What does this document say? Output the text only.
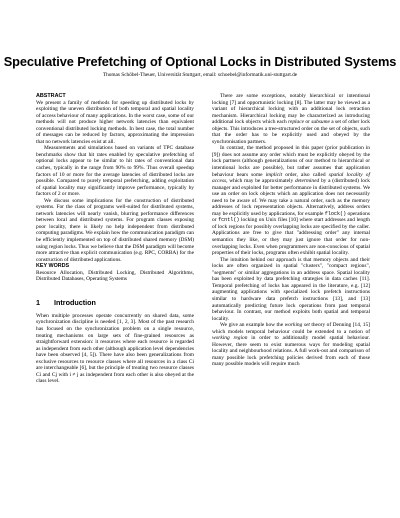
Speculative Prefetching of Optional Locks in Distributed Systems
Thomas Schöbel-Theuer, Universität Stuttgart, email: schoebel@informatik.uni-stuttgart.de
ABSTRACT

We present a family of methods for speeding up distributed locks by exploiting the uneven distribution of both temporal and spatial locality of access behaviour of many applications. In the worst case, some of our methods will not produce higher network latencies than equivalent conventional distributed locking methods. In best case, the total number of messages can be reduced by factors, approximating the impression that no network latencies exist at all.

Measurements and simulations based on variants of TPC database benchmarks show that hit rates enabled by speculative prefetching of optional locks appear to be similar to hit rates of conventional data caches, typically in the range from 90% to 99%. Thus overall speedup factors of 10 or more for the average latencies of distributed locks are possible. Compared to purely temporal prefetching, adding exploitation of spatial locality may significantly improve performance, typically by factors of 2 or more.

We discuss some implications for the construction of distributed systems. For the class of programs well-suited for distributed systems, network latencies will nearly vanish, blurring performance differences between local and distributed systems. For program classes exposing poor locality, there is likely no help independent from distributed computing paradigms. We explain how the communication paradigm can be efficiently implemented on top of distributed shared memory (DSM) using region locks. Thus we believe that the DSM paradigm will become more attractive than explicit communication (e.g. RPC, CORBA) for the construction of distributed applications.

KEY WORDS

Resource Allocation, Distributed Locking, Distributed Algorithms, Distributed Databases, Operating Systems

1 Introduction

When multiple processes operate concurrently on shared data, some synchronization discipline is needed [1, 2, 3]. Most of the past research has focused on the synchronization problem on a single resource, treating mechanisms on large sets of fine-grained resources as straightforward extension: it resources where each resource is regarded as independent from each other (although application level dependencies have been observed [4, 5]). There have also been generalizations from exclusive resources to resource classes where all resources in a class Ci are interchangeable [6], but the principle of treating two resource classes Ci and Cj with i ≠ j as independent from each other is also obeyed at the class level.

There are some exceptions, notably hierarchical or intentional locking [7] and opportunistic locking [8]. The latter may be viewed as a variant of hierarchical locking with an additional lock retraction mechanism. Hierarchical locking may be characterized as introducing additional lock objects which each replace or subsume a set of other lock objects. This introduces a tree-structured order on the set of objects, such that the order has to be explicitly used and obeyed by the synchronisation partners.

In contrast, the method proposed in this paper (prior publication in [9]) does not assume any order which must be explicitly obeyed by the lock partners (although generalizations of our method to hierarchical or intentional locks are possible), but rather assumes that application behaviour bears some implicit order, also called spatial locality of access, which may be approximately determined by a (distributed) lock manager and exploited for better performance in distributed systems. We use an order on lock objects which an application does not necessarily need to be aware of. We may take a natural order, such as the memory addresses of lock representation objects. Alternatively, address orders may be explicitly used by applications, for example flock() operations or fcntl() locking on Unix files [10] where start addresses and length of lock regions for possibly overlapping locks are specified by the caller. Applications are free to give that "addressing order" any internal semantics they like, or they may just ignore that order for non-overlapping locks. Even when programmers are non-conscious of spatial properties of their locks, programs often exhibit spatial locality.

The intuition behind our approach is that memory objects and their locks are often organized in spatial "clusters", "compact regions", "segments" or similar aggregations in an address space. Spatial locality has been exploited by data prefetching strategies in data caches [11]. Temporal prefetching of locks has appeared in the literature, e.g. [12] augmenting applications with specialized lock prefetch instructions similar to hardware data prefetch instructions [13], and [13] automatically predicting future lock operations from past temporal behaviour. In contrast, our method exploits both spatial and temporal locality.

We give an example how the working set theory of Denning [14, 15] which models temporal behaviour could be extended to a notion of working region in order to additionally model spatial behaviour. However, there seem to exist numerous ways for modeling spatial locality and neighbourhood relations. A full work-out and comparison of many possible lock prefetching policies derived from each of those many possible models will require much
